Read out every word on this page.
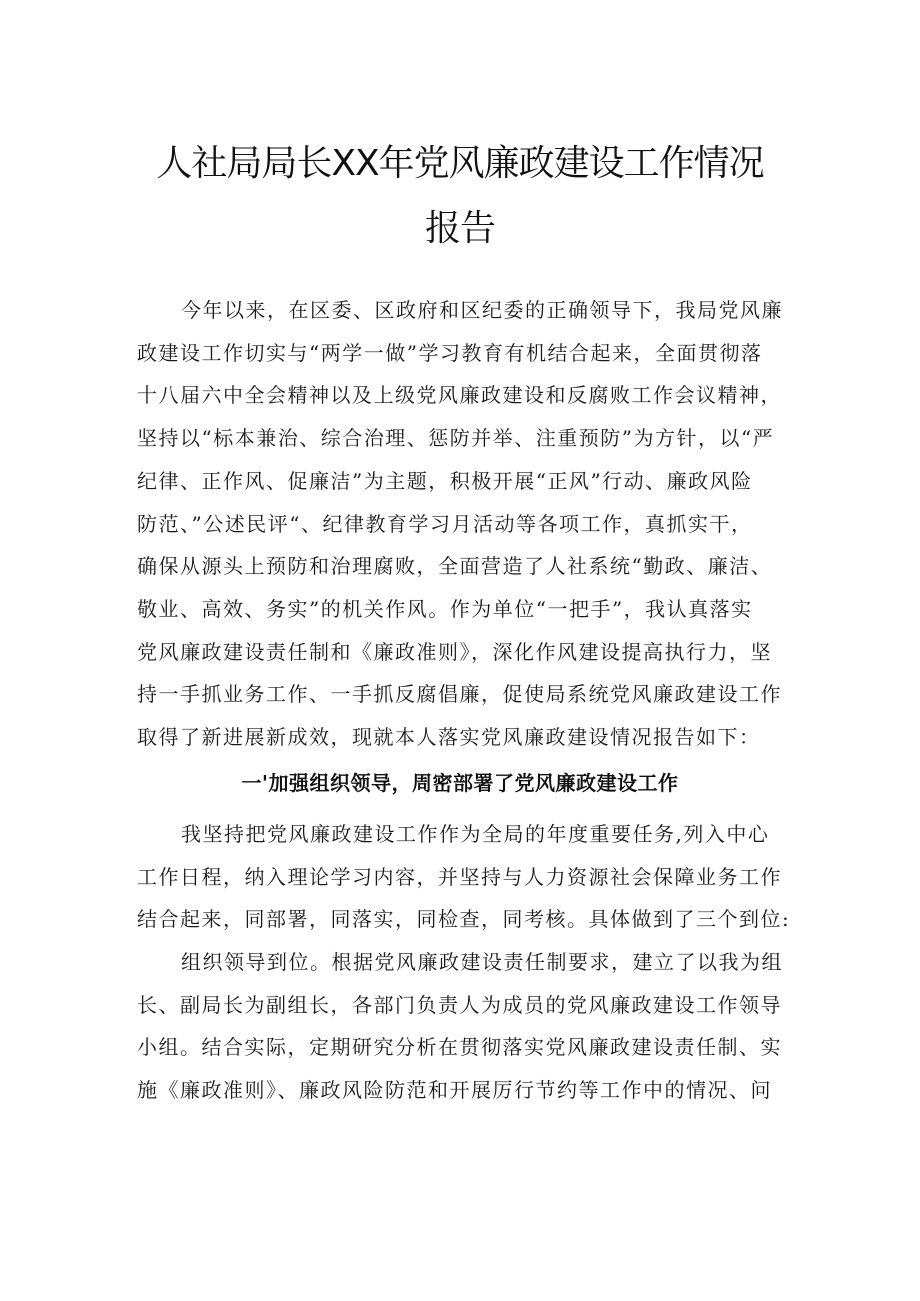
人社局局长XX年党风廉政建设工作情况
报告
今年以来，在区委、区政府和区纪委的正确领导下，我局党风廉
政建设工作切实与“两学一做”学习教育有机结合起来，全面贯彻落
十八届六中全会精神以及上级党风廉政建设和反腐败工作会议精神，
坚持以“标本兼治、综合治理、惩防并举、注重预防”为方针，以“严
纪律、正作风、促廉洁”为主题，积极开展“正风”行动、廉政风险
防范、”公述民评“、纪律教育学习月活动等各项工作，真抓实干，
确保从源头上预防和治理腐败，全面营造了人社系统“勤政、廉洁、
敬业、高效、务实”的机关作风。作为单位“一把手”，我认真落实
党风廉政建设责任制和《廉政准则》，深化作风建设提高执行力，坚
持一手抓业务工作、一手抓反腐倡廉，促使局系统党风廉政建设工作
取得了新进展新成效，现就本人落实党风廉政建设情况报告如下：
一'加强组织领导，周密部署了党风廉政建设工作
我坚持把党风廉政建设工作作为全局的年度重要任务,列入中心
工作日程，纳入理论学习内容，并坚持与人力资源社会保障业务工作
结合起来，同部署，同落实，同检查，同考核。具体做到了三个到位:
组织领导到位。根据党风廉政建设责任制要求，建立了以我为组
长、副局长为副组长，各部门负责人为成员的党风廉政建设工作领导
小组。结合实际，定期研究分析在贯彻落实党风廉政建设责任制、实
施《廉政准则》、廉政风险防范和开展厉行节约等工作中的情况、问
